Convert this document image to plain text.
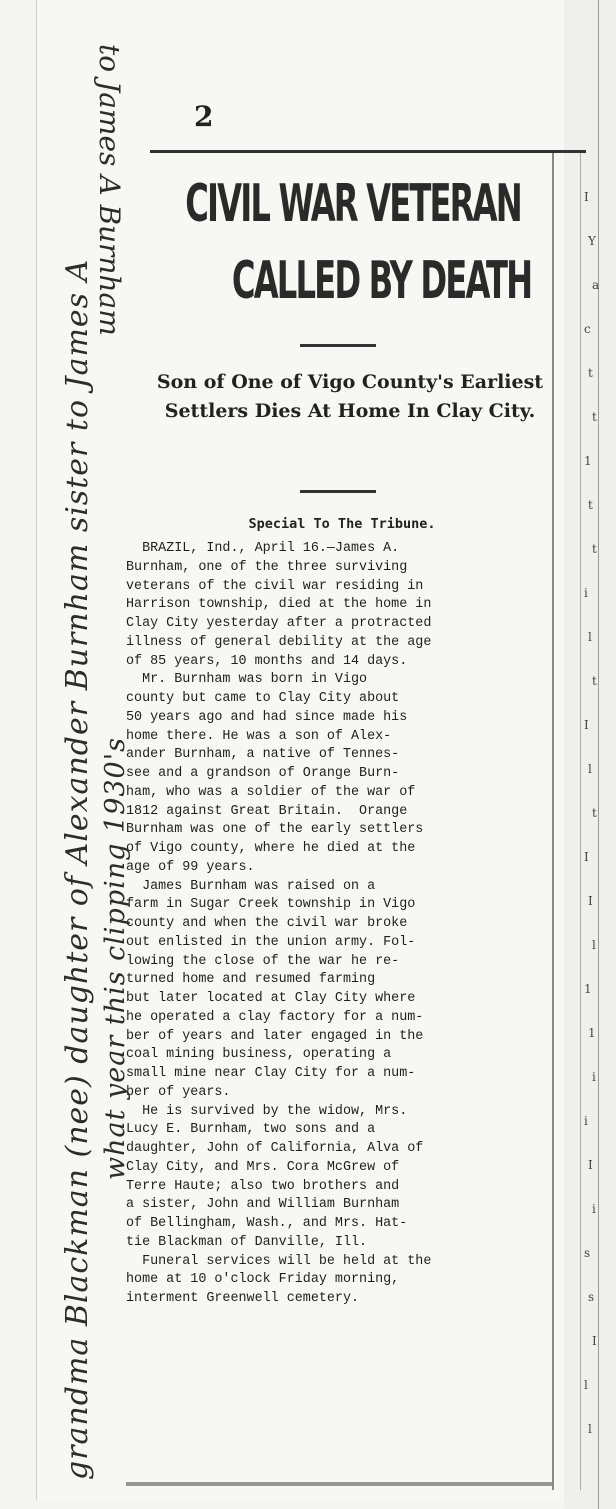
I
Y
a
c
t
t
1
t
t
i
l
t
I
l
t
I
I
l
1
1
i
i
I
i
s
s
I
l
l
2
CIVIL WAR VETERAN
CALLED BY DEATH
Son of One of Vigo County's Earliest Settlers Dies At Home In Clay City.
Special To The Tribune.
BRAZIL, Ind., April 16.—James A.
Burnham, one of the three surviving
veterans of the civil war residing in
Harrison township, died at the home in
Clay City yesterday after a protracted
illness of general debility at the age
of 85 years, 10 months and 14 days.
Mr. Burnham was born in Vigo
county but came to Clay City about
50 years ago and had since made his
home there. He was a son of Alex-
ander Burnham, a native of Tennes-
see and a grandson of Orange Burn-
ham, who was a soldier of the war of
1812 against Great Britain.  Orange
Burnham was one of the early settlers
of Vigo county, where he died at the
age of 99 years.
James Burnham was raised on a
farm in Sugar Creek township in Vigo
county and when the civil war broke
out enlisted in the union army. Fol-
lowing the close of the war he re-
turned home and resumed farming
but later located at Clay City where
he operated a clay factory for a num-
ber of years and later engaged in the
coal mining business, operating a
small mine near Clay City for a num-
ber of years.
He is survived by the widow, Mrs.
Lucy E. Burnham, two sons and a
daughter, John of California, Alva of
Clay City, and Mrs. Cora McGrew of
Terre Haute; also two brothers and
a sister, John and William Burnham
of Bellingham, Wash., and Mrs. Hat-
tie Blackman of Danville, Ill.
Funeral services will be held at the
home at 10 o'clock Friday morning,
interment Greenwell cemetery.
grandma Blackman (nee) daughter of Alexander Burnham sister to James A what year this clipping 1930's
to James A Burnham
